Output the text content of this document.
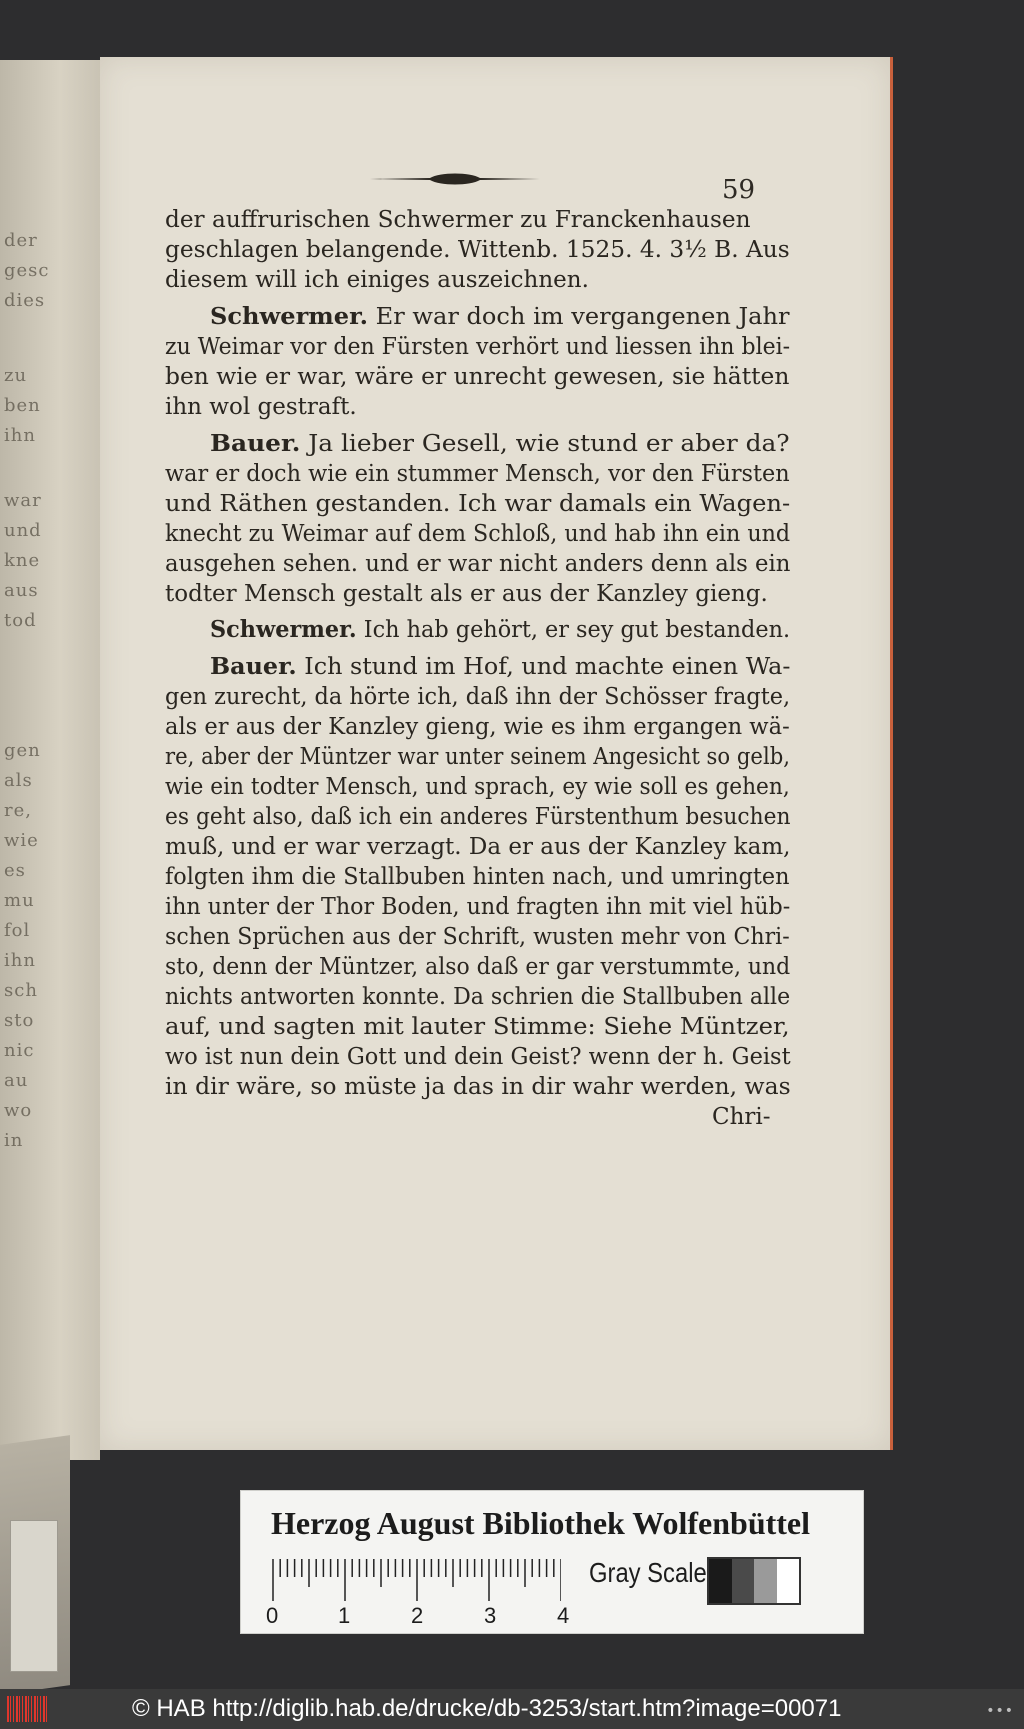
der
gesc
dies
zu
ben
ihn
war
und
kne
aus
tod
gen
als
re,
wie
es
mu
fol
ihn
sch
sto
nic
au
wo
in
59

der auffrurischen Schwermer zu Franckenhausen

geschlagen belangende. Wittenb. 1525. 4. 3½ B. Aus

diesem will ich einiges auszeichnen.

Schwermer. Er war doch im vergangenen Jahr

zu Weimar vor den Fürsten verhört und liessen ihn blei-

ben wie er war, wäre er unrecht gewesen, sie hätten

ihn wol gestraft.

Bauer. Ja lieber Gesell, wie stund er aber da?

war er doch wie ein stummer Mensch, vor den Fürsten

und Räthen gestanden. Ich war damals ein Wagen-

knecht zu Weimar auf dem Schloß, und hab ihn ein und

ausgehen sehen. und er war nicht anders denn als ein

todter Mensch gestalt als er aus der Kanzley gieng.

Schwermer. Ich hab gehört, er sey gut bestanden.

Bauer. Ich stund im Hof, und machte einen Wa-

gen zurecht, da hörte ich, daß ihn der Schösser fragte,

als er aus der Kanzley gieng, wie es ihm ergangen wä-

re, aber der Müntzer war unter seinem Angesicht so gelb,

wie ein todter Mensch, und sprach, ey wie soll es gehen,

es geht also, daß ich ein anderes Fürstenthum besuchen

muß, und er war verzagt. Da er aus der Kanzley kam,

folgten ihm die Stallbuben hinten nach, und umringten

ihn unter der Thor Boden, und fragten ihn mit viel hüb-

schen Sprüchen aus der Schrift, wusten mehr von Chri-

sto, denn der Müntzer, also daß er gar verstummte, und

nichts antworten konnte. Da schrien die Stallbuben alle

auf, und sagten mit lauter Stimme: Siehe Müntzer,

wo ist nun dein Gott und dein Geist? wenn der h. Geist

in dir wäre, so müste ja das in dir wahr werden, was

Chri-

Herzog August Bibliothek Wolfenbüttel

0	1	2	3	4

Gray Scale

© HAB http://diglib.hab.de/drucke/db-3253/start.htm?image=00071	•••
